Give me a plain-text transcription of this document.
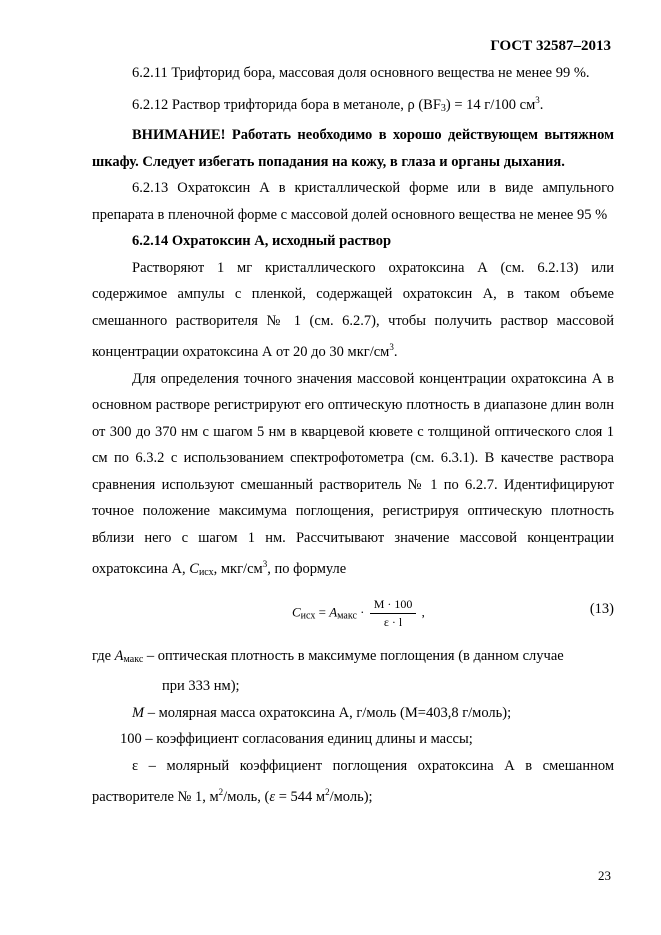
ГОСТ 32587–2013

6.2.11 Трифторид бора, массовая доля основного вещества не менее 99 %.

6.2.12 Раствор трифторида бора в метаноле, ρ $(BF_3) = 14$ г/100 $см^3$.

ВНИМАНИЕ! Работать необходимо в хорошо действующем вытяжном шкафу. Следует избегать попадания на кожу, в глаза и органы дыхания.

6.2.13 Охратоксин А в кристаллической форме или в виде ампульного препарата в пленочной форме с массовой долей основного вещества не менее 95 %

6.2.14 Охратоксин А, исходный раствор

Растворяют 1 мг кристаллического охратоксина А (см. 6.2.13) или содержимое ампулы с пленкой, содержащей охратоксин А, в таком объеме смешанного растворителя № 1 (см. 6.2.7), чтобы получить раствор массовой концентрации охратоксина А от 20 до 30 мкг/$см^3$.

Для определения точного значения массовой концентрации охратоксина А в основном растворе регистрируют его оптическую плотность в диапазоне длин волн от 300 до 370 нм с шагом 5 нм в кварцевой кювете с толщиной оптического слоя 1 см по 6.3.2 с использованием спектрофотометра (см. 6.3.1). В качестве раствора сравнения используют смешанный растворитель № 1 по 6.2.7. Идентифицируют точное положение максимума поглощения, регистрируя оптическую плотность вблизи него с шагом 1 нм. Рассчитывают значение массовой концентрации охратоксина А, $C_{исх}$, мкг/$см^3$, по формуле

$C_{исх} = A_{макс} \cdot \frac{M \cdot 100}{\varepsilon \cdot l}$ ,	(13)

где $A_{макс}$ – оптическая плотность в максимуме поглощения (в данном случае

при 333 нм);

M – молярная масса охратоксина А, г/моль (М=403,8 г/моль);

100 – коэффициент согласования единиц длины и массы;

ε – молярный коэффициент поглощения охратоксина А в смешанном растворителе № 1, $м^2$/моль, (ε = 544 $м^2/моль$);

23
